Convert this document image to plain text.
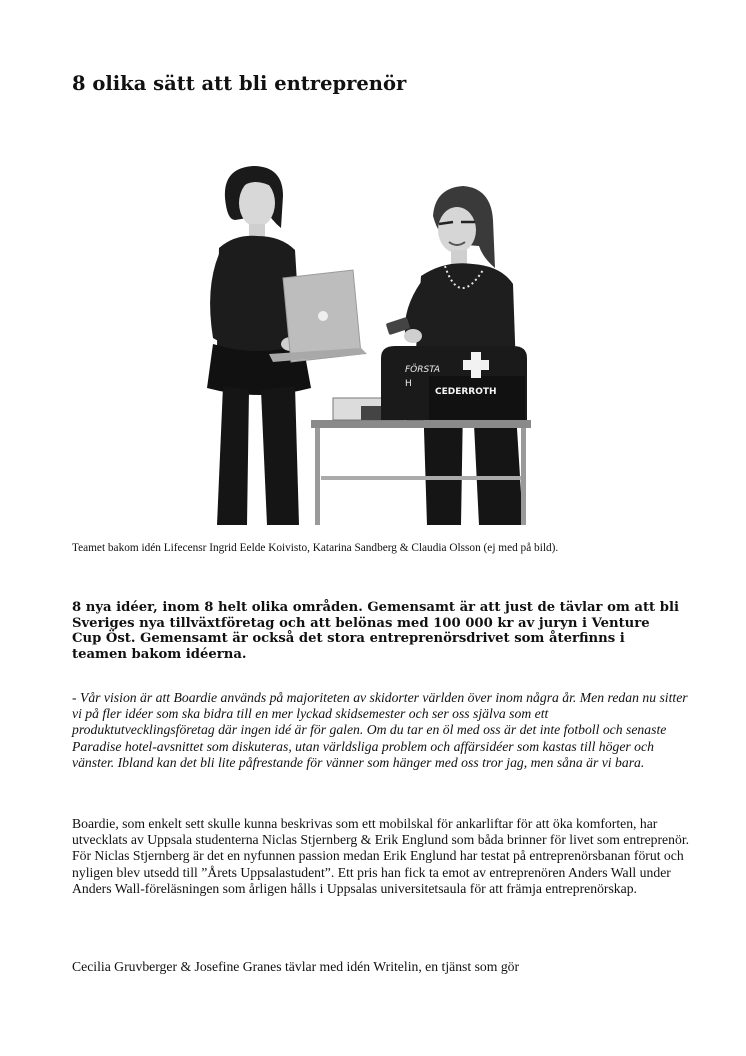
8 olika sätt att bli entreprenör
FÖRSTA
H
CEDERROTH

Teamet bakom idén Lifecensr Ingrid Eelde Koivisto, Katarina Sandberg & Claudia Olsson (ej med på bild).

8 nya idéer, inom 8 helt olika områden. Gemensamt är att just de tävlar om att bli Sveriges nya tillväxtföretag och att belönas med 100 000 kr av juryn i Venture Cup Öst. Gemensamt är också det stora entreprenörsdrivet som återfinns i teamen bakom idéerna.

- Vår vision är att Boardie används på majoriteten av skidorter världen över inom några år. Men redan nu sitter vi på fler idéer som ska bidra till en mer lyckad skidsemester och ser oss själva som ett produktutvecklingsföretag där ingen idé är för galen. Om du tar en öl med oss är det inte fotboll och senaste Paradise hotel-avsnittet som diskuteras, utan världsliga problem och affärsidéer som kastas till höger och vänster. Ibland kan det bli lite påfrestande för vänner som hänger med oss tror jag, men såna är vi bara.

Boardie, som enkelt sett skulle kunna beskrivas som ett mobilskal för ankarliftar för att öka komforten, har utvecklats av Uppsala studenterna Niclas Stjernberg & Erik Englund som båda brinner för livet som entreprenör. För Niclas Stjernberg är det en nyfunnen passion medan Erik Englund har testat på entreprenörsbanan förut och nyligen blev utsedd till ”Årets Uppsalastudent”. Ett pris han fick ta emot av entreprenören Anders Wall under Anders Wall-föreläsningen som årligen hålls i Uppsalas universitetsaula för att främja entreprenörskap.

Cecilia Gruvberger & Josefine Granes tävlar med idén Writelin, en tjänst som gör
